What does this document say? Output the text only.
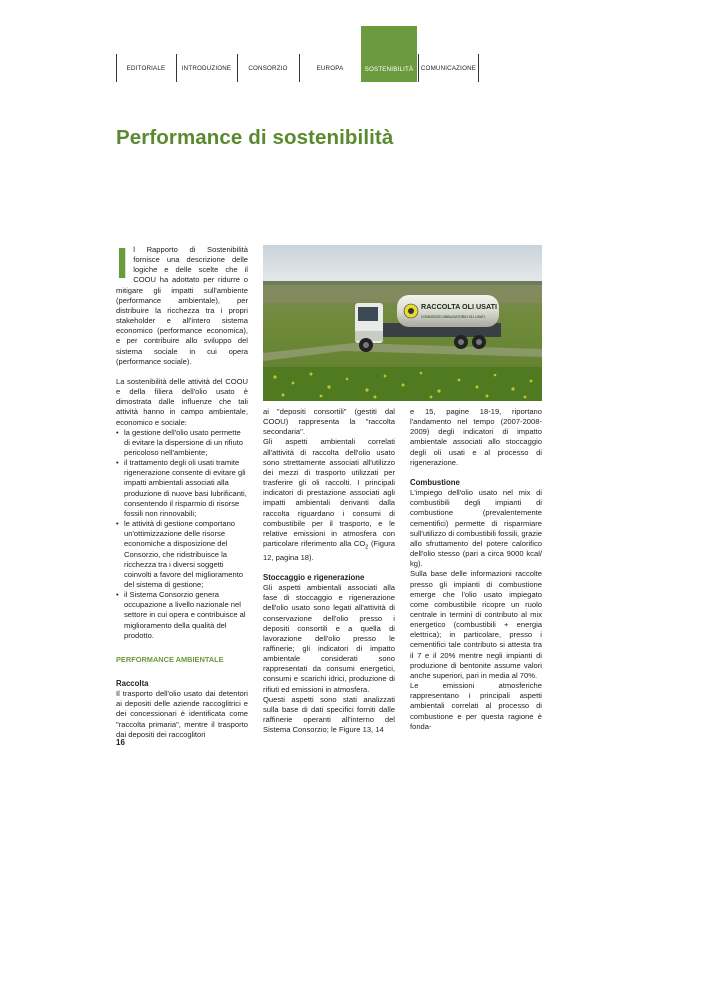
EDITORIALE	INTRODUZIONE	CONSORZIO	EUROPA	SOSTENIBILITÀ COMUNICAZIONE
Performance di sostenibilità
RACCOLTA OLI USATI
CONSORZIO OBBLIGATORIO OLI USATI

Il Rapporto di Sostenibilità fornisce una descrizione delle logiche e delle scelte che il COOU ha adottato per ridurre o mitigare gli impatti sull'ambiente (performance ambientale), per distribuire la ricchezza tra i propri stakeholder e all'intero sistema economico (performance economica), e per contribuire allo sviluppo del sistema sociale in cui opera (performance sociale).

La sostenibilità delle attività del COOU e della filiera dell'olio usato è dimostrata dalle influenze che tali attività hanno in campo ambientale, economico e sociale:

• la gestione dell'olio usato permette di evitare la dispersione di un rifiuto pericoloso nell'ambiente;
• il trattamento degli oli usati tramite rigenerazione consente di evitare gli impatti ambientali associati alla produzione di nuove basi lubrificanti, consentendo il risparmio di risorse fossili non rinnovabili;
• le attività di gestione comportano un'ottimizzazione delle risorse economiche a disposizione del Consorzio, che ridistribuisce la ricchezza tra i diversi soggetti coinvolti a favore del miglioramento del sistema di gestione;
• il Sistema Consorzio genera occupazione a livello nazionale nel settore in cui opera e contribuisce al miglioramento della qualità del prodotto.
PERFORMANCE AMBIENTALE
Raccolta

Il trasporto dell'olio usato dai detentori ai depositi delle aziende raccoglitrici e dei concessionari è identificata come "raccolta primaria", mentre il trasporto dai depositi dei raccoglitori

ai "depositi consortili" (gestiti dal COOU) rappresenta la "raccolta secondaria".

Gli aspetti ambientali correlati all'attività di raccolta dell'olio usato sono strettamente associati all'utilizzo dei mezzi di trasporto utilizzati per trasferire gli oli raccolti. I principali indicatori di prestazione associati agli impatti ambientali derivanti dalla raccolta riguardano i consumi di combustibile per il trasporto, e le relative emissioni in atmosfera con particolare riferimento alla $CO_2$ (Figura 12, pagina 18).

Stoccaggio e rigenerazione

Gli aspetti ambientali associati alla fase di stoccaggio e rigenerazione dell'olio usato sono legati all'attività di conservazione dell'olio presso i depositi consortili e a quella di lavorazione dell'olio presso le raffinerie; gli indicatori di impatto ambientale considerati sono rappresentati da consumi energetici, consumi e scarichi idrici, produzione di rifiuti ed emissioni in atmosfera.

Questi aspetti sono stati analizzati sulla base di dati specifici forniti dalle raffinerie operanti all'interno del Sistema Consorzio; le Figure 13, 14

e 15, pagine 18-19, riportano l'andamento nel tempo (2007-2008-2009) degli indicatori di impatto ambientale associati allo stoccaggio degli oli usati e al processo di rigenerazione.

Combustione

L'impiego dell'olio usato nel mix di combustibili degli impianti di combustione (prevalentemente cementifici) permette di risparmiare sull'utilizzo di combustibili fossili, grazie allo sfruttamento del potere calorifico dell'olio stesso (pari a circa 9000 kcal/ kg).

Sulla base delle informazioni raccolte presso gli impianti di combustione emerge che l'olio usato impiegato come combustibile ricopre un ruolo centrale in termini di contributo al mix energetico (combustibili + energia elettrica); in particolare, presso i cementifici tale contributo si attesta tra il 7 e il 20% mentre negli impianti di produzione di bentonite assume valori anche superiori, pari in media al 70%.

Le emissioni atmosferiche rappresentano i principali aspetti ambientali correlati al processo di combustione e per questa ragione è fonda-

16
